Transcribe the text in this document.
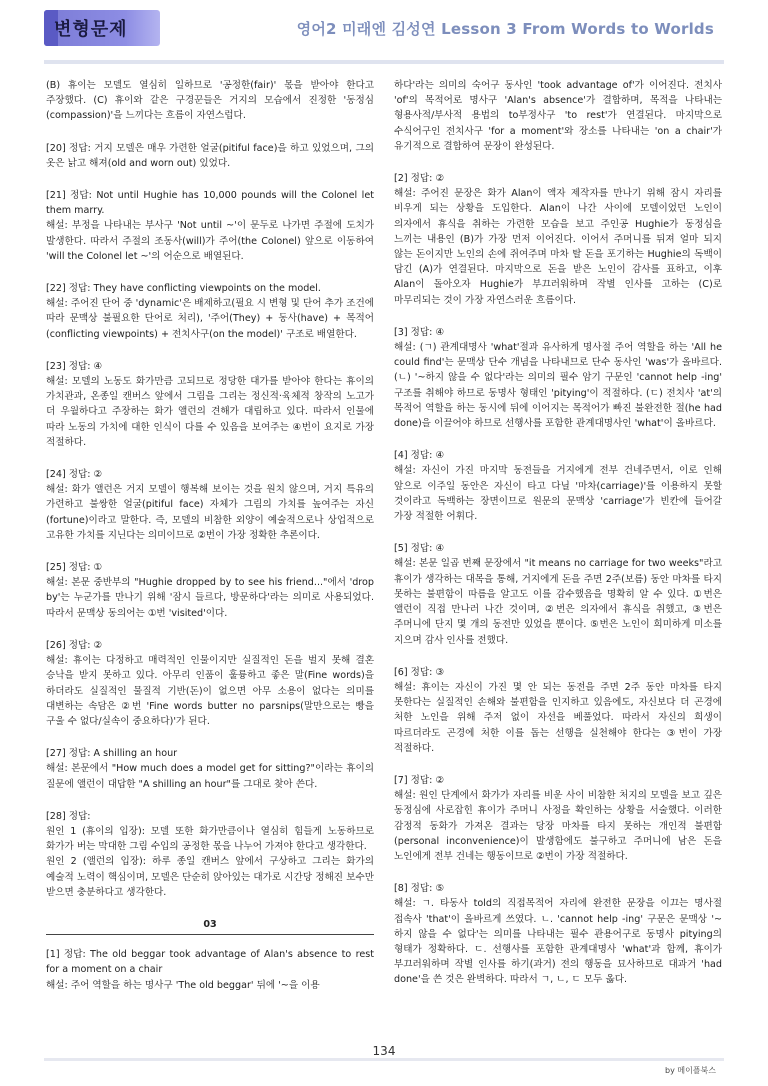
변형문제	영어2 미래엔 김성연 Lesson 3 From Words to Worlds

(B) 휴이는 모델도 열심히 일하므로 '공정한(fair)' 몫을 받아야 한다고 주장했다. (C) 휴이와 같은 구경꾼들은 거지의 모습에서 진정한 '동정심(compassion)'을 느끼다는 흐름이 자연스럽다.

[20] 정답: 거지 모델은 매우 가련한 얼굴(pitiful face)을 하고 있었으며, 그의 옷은 낡고 해져(old and worn out) 있었다.

[21] 정답: Not until Hughie has 10,000 pounds will the Colonel let them marry.

해설: 부정을 나타내는 부사구 'Not until ~'이 문두로 나가면 주절에 도치가 발생한다. 따라서 주절의 조동사(will)가 주어(the Colonel) 앞으로 이동하여 'will the Colonel let ~'의 어순으로 배열된다.

[22] 정답: They have conflicting viewpoints on the model.

해설: 주어진 단어 중 'dynamic'은 배제하고(필요 시 변형 및 단어 추가 조건에 따라 문맥상 불필요한 단어로 처리), '주어(They) + 동사(have) + 목적어(conflicting viewpoints) + 전치사구(on the model)' 구조로 배열한다.

[23] 정답: ④

해설: 모델의 노동도 화가만큼 고되므로 정당한 대가를 받아야 한다는 휴이의 가치관과, 온종일 캔버스 앞에서 그림을 그리는 정신적·육체적 창작의 노고가 더 우월하다고 주장하는 화가 앨런의 견해가 대립하고 있다. 따라서 인물에 따라 노동의 가치에 대한 인식이 다를 수 있음을 보여주는 ④번이 요지로 가장 적절하다.

[24] 정답: ②

해설: 화가 앨런은 거지 모델이 행복해 보이는 것을 원치 않으며, 거지 특유의 가련하고 불쌍한 얼굴(pitiful face) 자체가 그림의 가치를 높여주는 자신(fortune)이라고 말한다. 즉, 모델의 비참한 외양이 예술적으로나 상업적으로 고유한 가치를 지닌다는 의미이므로 ②번이 가장 정확한 추론이다.

[25] 정답: ①

해설: 본문 중반부의 "Hughie dropped by to see his friend..."에서 'drop by'는 누군가를 만나기 위해 '잠시 들르다, 방문하다'라는 의미로 사용되었다. 따라서 문맥상 동의어는 ①번 'visited'이다.

[26] 정답: ②

해설: 휴이는 다정하고 매력적인 인물이지만 실질적인 돈을 벌지 못해 결혼 승낙을 받지 못하고 있다. 아무리 인품이 훌륭하고 좋은 말(Fine words)을 하더라도 실질적인 물질적 기반(돈)이 없으면 아무 소용이 없다는 의미를 대변하는 속담은 ②번 'Fine words butter no parsnips(말만으로는 빵을 구울 수 없다/실속이 중요하다)'가 된다.

[27] 정답: A shilling an hour

해설: 본문에서 "How much does a model get for sitting?"이라는 휴이의 질문에 앨런이 대답한 "A shilling an hour"를 그대로 찾아 쓴다.

[28] 정답:

원인 1 (휴이의 입장): 모델 또한 화가만큼이나 열심히 힘들게 노동하므로 화가가 버는 막대한 그림 수입의 공정한 몫을 나누어 가져야 한다고 생각한다.

원인 2 (앨런의 입장): 하루 종일 캔버스 앞에서 구상하고 그리는 화가의 예술적 노력이 핵심이며, 모델은 단순히 앉아있는 대가로 시간당 정해진 보수만 받으면 충분하다고 생각한다.

03

[1] 정답: The old beggar took advantage of Alan's absence to rest for a moment on a chair

해설: 주어 역할을 하는 명사구 'The old beggar' 뒤에 '~을 이용

하다'라는 의미의 숙어구 동사인 'took advantage of'가 이어진다. 전치사 'of'의 목적어로 명사구 'Alan's absence'가 결합하며, 목적을 나타내는 형용사적/부사적 용법의 to부정사구 'to rest'가 연결된다. 마지막으로 수식어구인 전치사구 'for a moment'와 장소를 나타내는 'on a chair'가 유기적으로 결합하여 문장이 완성된다.

[2] 정답: ②

해설: 주어진 문장은 화가 Alan이 액자 제작자를 만나기 위해 잠시 자리를 비우게 되는 상황을 도입한다. Alan이 나간 사이에 모델이었던 노인이 의자에서 휴식을 취하는 가련한 모습을 보고 주인공 Hughie가 동정심을 느끼는 내용인 (B)가 가장 먼저 이어진다. 이어서 주머니를 뒤져 얼마 되지 않는 돈이지만 노인의 손에 쥐여주며 마차 탈 돈을 포기하는 Hughie의 독백이 담긴 (A)가 연결된다. 마지막으로 돈을 받은 노인이 감사를 표하고, 이후 Alan이 돌아오자 Hughie가 부끄러워하며 작별 인사를 고하는 (C)로 마무리되는 것이 가장 자연스러운 흐름이다.

[3] 정답: ④

해설: (ㄱ) 관계대명사 'what'절과 유사하게 명사절 주어 역할을 하는 'All he could find'는 문맥상 단수 개념을 나타내므로 단수 동사인 'was'가 올바르다. (ㄴ) '~하지 않을 수 없다'라는 의미의 필수 암기 구문인 'cannot help -ing' 구조를 취해야 하므로 동명사 형태인 'pitying'이 적절하다. (ㄷ) 전치사 'at'의 목적어 역할을 하는 동시에 뒤에 이어지는 목적어가 빠진 불완전한 절(he had done)을 이끌어야 하므로 선행사를 포함한 관계대명사인 'what'이 올바르다.

[4] 정답: ④

해설: 자신이 가진 마지막 동전들을 거지에게 전부 건네주면서, 이로 인해 앞으로 이주일 동안은 자신이 타고 다닐 '마차(carriage)'를 이용하지 못할 것이라고 독백하는 장면이므로 원문의 문맥상 'carriage'가 빈칸에 들어갈 가장 적절한 어휘다.

[5] 정답: ④

해설: 본문 일곱 번째 문장에서 "it means no carriage for two weeks"라고 휴이가 생각하는 대목을 통해, 거지에게 돈을 주면 2주(보름) 동안 마차를 타지 못하는 불편함이 따름을 알고도 이를 감수했음을 명확히 알 수 있다. ①번은 앨런이 직접 만나러 나간 것이며, ②번은 의자에서 휴식을 취했고, ③번은 주머니에 단지 몇 개의 동전만 있었을 뿐이다. ⑤번은 노인이 희미하게 미소를 지으며 감사 인사를 전했다.

[6] 정답: ③

해설: 휴이는 자신이 가진 몇 안 되는 동전을 주면 2주 동안 마차를 타지 못한다는 실질적인 손해와 불편함을 인지하고 있음에도, 자신보다 더 곤경에 처한 노인을 위해 주저 없이 자선을 베풀었다. 따라서 자신의 희생이 따르더라도 곤경에 처한 이를 돕는 선행을 실천해야 한다는 ③번이 가장 적절하다.

[7] 정답: ②

해설: 원인 단계에서 화가가 자리를 비운 사이 비참한 처지의 모델을 보고 깊은 동정심에 사로잡힌 휴이가 주머니 사정을 확인하는 상황을 서술했다. 이러한 감정적 동화가 가져온 결과는 당장 마차를 타지 못하는 개인적 불편함(personal inconvenience)이 발생함에도 불구하고 주머니에 남은 돈을 노인에게 전부 건네는 행동이므로 ②번이 가장 적절하다.

[8] 정답: ⑤

해설: ㄱ. 타동사 told의 직접목적어 자리에 완전한 문장을 이끄는 명사절 접속사 'that'이 올바르게 쓰였다. ㄴ. 'cannot help -ing' 구문은 문맥상 '~하지 않을 수 없다'는 의미를 나타내는 필수 관용어구로 동명사 pitying의 형태가 정확하다. ㄷ. 선행사를 포함한 관계대명사 'what'과 함께, 휴이가 부끄러워하며 작별 인사를 하기(과거) 전의 행동을 묘사하므로 대과거 'had done'을 쓴 것은 완벽하다. 따라서 ㄱ, ㄴ, ㄷ 모두 옳다.

134
by 메이플북스
